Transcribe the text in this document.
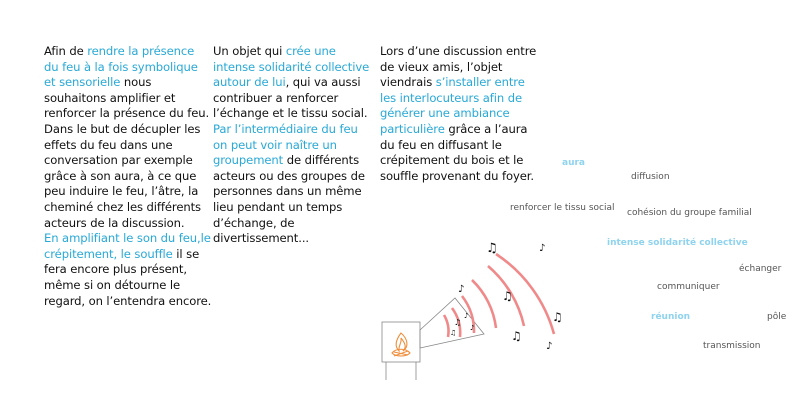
Afin de rendre la présence du feu à la fois symbolique et sensorielle nous souhaitons amplifier et renforcer la présence du feu. Dans le but de décupler les effets du feu dans une conversation par exemple grâce à son aura, à ce que peu induire le feu, l’âtre, la cheminé chez les différents acteurs de la discussion.

En amplifiant le son du feu,le crépitement, le souffle il se fera encore plus présent, même si on détourne le regard, on l’entendra encore.

Un objet qui crée une intense solidarité collective autour de lui, qui va aussi contribuer a renforcer l’échange et le tissu social.

Par l’intermédiaire du feu on peut voir naître un groupement de différents acteurs ou des groupes de personnes dans un même lieu pendant un temps d’échange, de divertissement...

Lors d’une discussion entre de vieux amis, l’objet viendrais s’installer entre les interlocuteurs afin de générer une ambiance particulière grâce a l’aura du feu en diffusant le crépitement du bois et le souffle provenant du foyer.

aura
diffusion
renforcer le tissu social cohésion du groupe familial
intense solidarité collective
échanger
communiquer
réunion	pôle
transmission
♫	♪
♫
♪
♫
♫
♪
♫
♪
♪
♫
